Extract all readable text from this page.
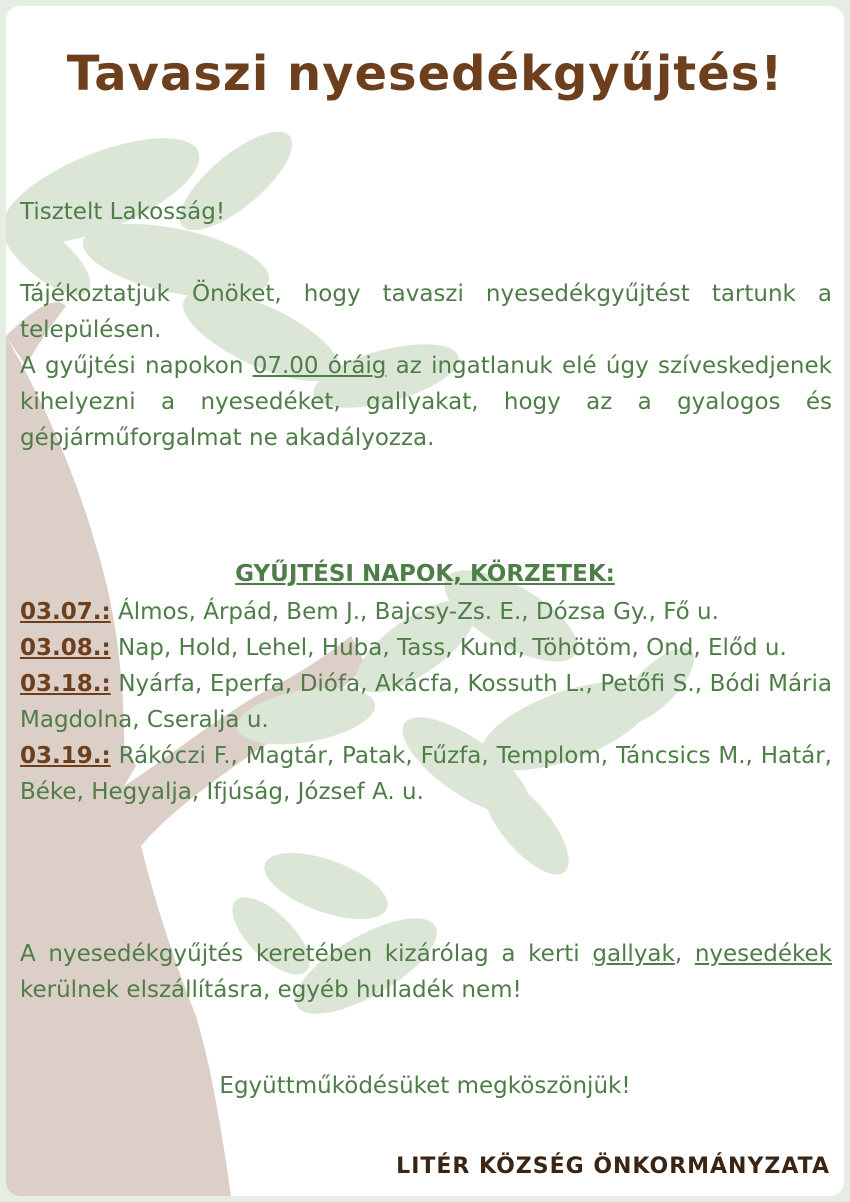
Tavaszi nyesedékgyűjtés!

Tisztelt Lakosság!

Tájékoztatjuk Önöket, hogy tavaszi nyesedékgyűjtést tartunk a településen.
A gyűjtési napokon 07.00 óráig az ingatlanuk elé úgy szíveskedjenek kihelyezni a nyesedéket, gallyakat, hogy az a gyalogos és gépjárműforgalmat ne akadályozza.

GYŰJTÉSI NAPOK, KÖRZETEK:
03.07.: Álmos, Árpád, Bem J., Bajcsy-Zs. E., Dózsa Gy., Fő u.
03.08.: Nap, Hold, Lehel, Huba, Tass, Kund, Töhötöm, Ond, Előd u.
03.18.: Nyárfa, Eperfa, Diófa, Akácfa, Kossuth L., Petőfi S., Bódi Mária Magdolna, Cseralja u.
03.19.: Rákóczi F., Magtár, Patak, Fűzfa, Templom, Táncsics M., Határ, Béke, Hegyalja, Ifjúság, József A. u.

A nyesedékgyűjtés keretében kizárólag a kerti gallyak, nyesedékek kerülnek elszállításra, egyéb hulladék nem!

Együttműködésüket megköszönjük!

LITÉR KÖZSÉG ÖNKORMÁNYZATA
